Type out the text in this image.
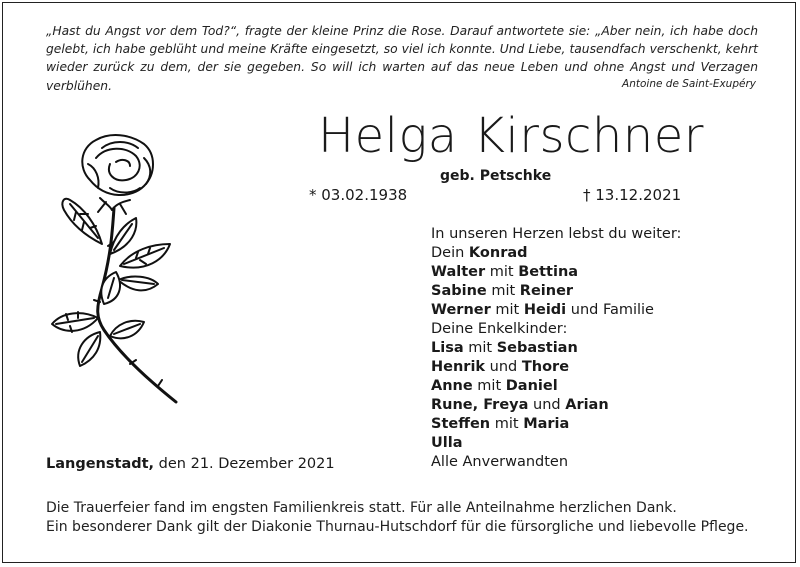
„Hast du Angst vor dem Tod?“, fragte der kleine Prinz die Rose. Darauf antwortete sie: „Aber nein, ich habe doch gelebt, ich habe geblüht und meine Kräfte eingesetzt, so viel ich konnte. Und Liebe, tausendfach verschenkt, kehrt wieder zurück zu dem, der sie gegeben. So will ich warten auf das neue Leben und ohne Angst und Verzagen verblühen.	Antoine de Saint-Exupéry
Helga Kirschner
geb. Petschke
* 03.02.1938	† 13.12.2021
In unseren Herzen lebst du weiter:
Dein Konrad
Walter mit Bettina
Sabine mit Reiner
Werner mit Heidi und Familie
Deine Enkelkinder:
Lisa mit Sebastian
Henrik und Thore
Anne mit Daniel
Rune, Freya und Arian
Steffen mit Maria
Ulla
Alle Anverwandten
Langenstadt, den 21. Dezember 2021
Die Trauerfeier fand im engsten Familienkreis statt. Für alle Anteilnahme herzlichen Dank.
Ein besonderer Dank gilt der Diakonie Thurnau-Hutschdorf für die fürsorgliche und liebevolle Pflege.
